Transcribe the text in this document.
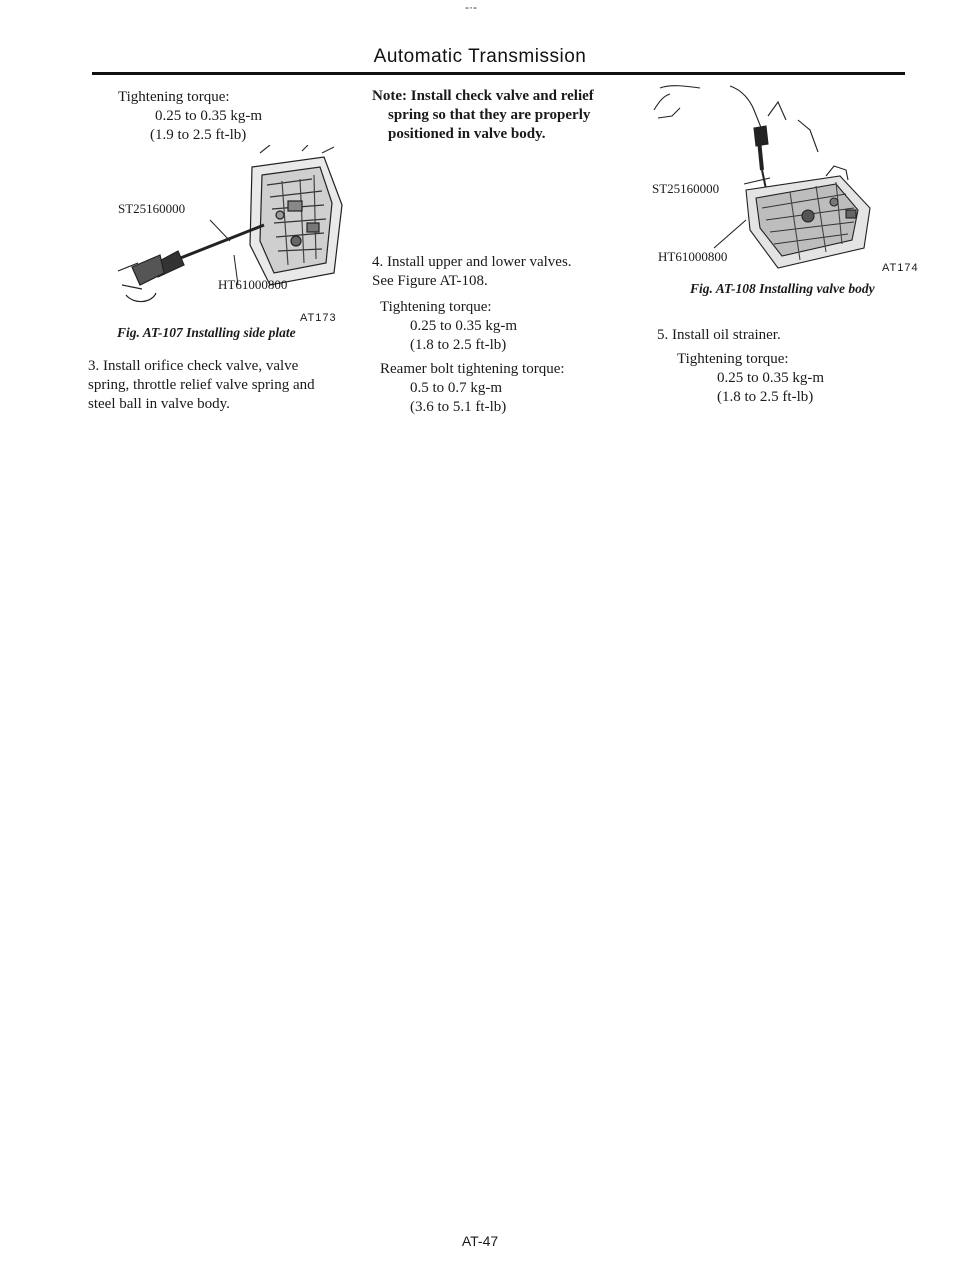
-·-
Automatic Transmission
Tightening torque:
0.25 to 0.35 kg-m
(1.9 to 2.5 ft-lb)
ST25160000
HT61000800
AT173
Fig. AT-107 Installing side plate
3. Install orifice check valve, valve
spring, throttle relief valve spring and
steel ball in valve body.
Note: Install check valve and relief
spring so that they are properly
positioned in valve body.
4. Install upper and lower valves.
See Figure AT-108.
Tightening torque:
0.25 to 0.35 kg-m
(1.8 to 2.5 ft-lb)
Reamer bolt tightening torque:
0.5 to 0.7 kg-m
(3.6 to 5.1 ft-lb)
ST25160000
HT61000800
AT174
Fig. AT-108 Installing valve body
5. Install oil strainer.
Tightening torque:
0.25 to 0.35 kg-m
(1.8 to 2.5 ft-lb)
AT-47
